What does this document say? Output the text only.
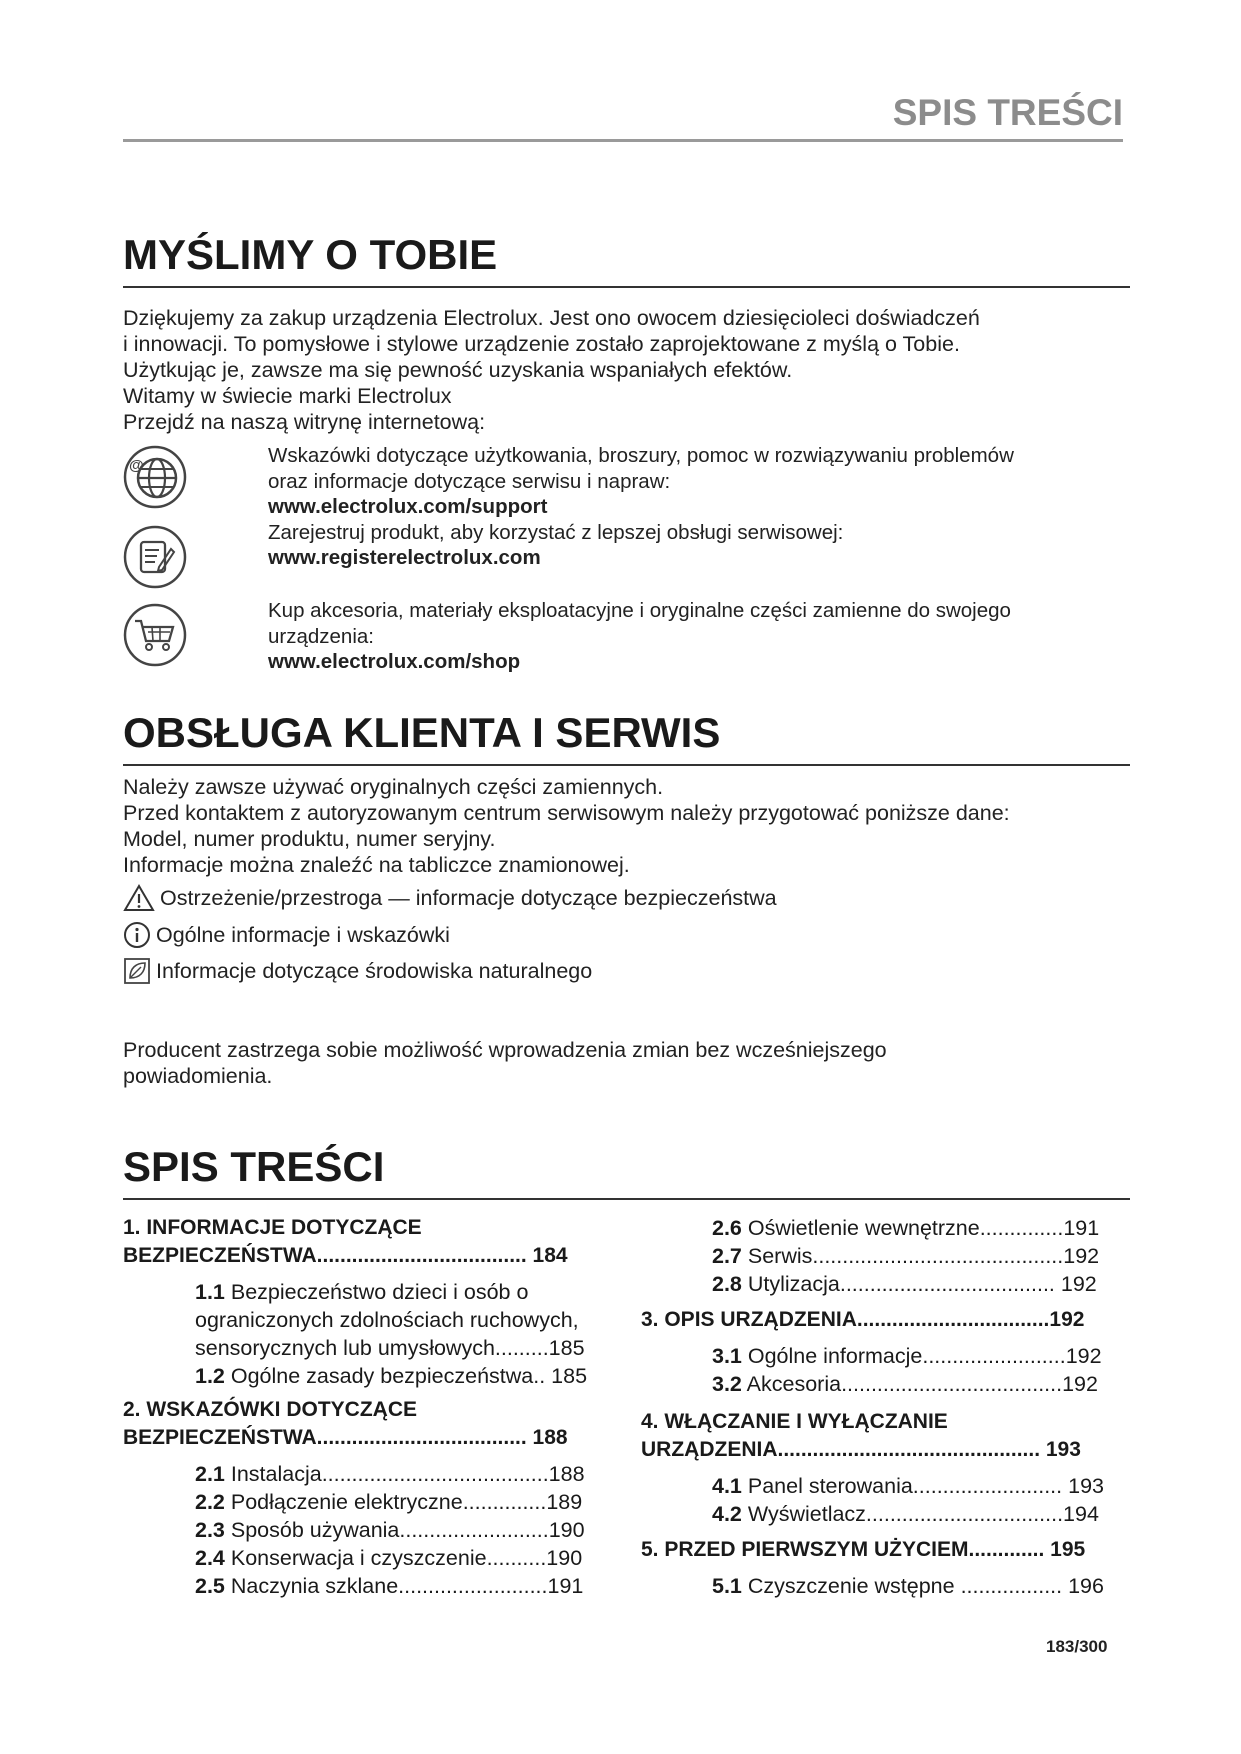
SPIS TREŚCI
MYŚLIMY O TOBIE
Dziękujemy za zakup urządzenia Electrolux. Jest ono owocem dziesięcioleci doświadczeń
i innowacji. To pomysłowe i stylowe urządzenie zostało zaprojektowane z myślą o Tobie.
Użytkując je, zawsze ma się pewność uzyskania wspaniałych efektów.
Witamy w świecie marki Electrolux
Przejdź na naszą witrynę internetową:
@	Wskazówki dotyczące użytkowania, broszury, pomoc w rozwiązywaniu problemów
oraz informacje dotyczące serwisu i napraw:
www.electrolux.com/support
Zarejestruj produkt, aby korzystać z lepszej obsługi serwisowej:
www.registerelectrolux.com
Kup akcesoria, materiały eksploatacyjne i oryginalne części zamienne do swojego
urządzenia:
www.electrolux.com/shop
OBSŁUGA KLIENTA I SERWIS
Należy zawsze używać oryginalnych części zamiennych.
Przed kontaktem z autoryzowanym centrum serwisowym należy przygotować poniższe dane:
Model, numer produktu, numer seryjny.
Informacje można znaleźć na tabliczce znamionowej.
Ostrzeżenie/przestroga — informacje dotyczące bezpieczeństwa
Ogólne informacje i wskazówki
Informacje dotyczące środowiska naturalnego
Producent zastrzega sobie możliwość wprowadzenia zmian bez wcześniejszego
powiadomienia.
SPIS TREŚCI
1. INFORMACJE DOTYCZĄCE
BEZPIECZEŃSTWA.................................... 184
1.1 Bezpieczeństwo dzieci i osób o
ograniczonych zdolnościach ruchowych,
sensorycznych lub umysłowych.........185
1.2 Ogólne zasady bezpieczeństwa.. 185
2. WSKAZÓWKI DOTYCZĄCE
BEZPIECZEŃSTWA.................................... 188
2.1 Instalacja......................................188
2.2 Podłączenie elektryczne..............189
2.3 Sposób używania.........................190
2.4 Konserwacja i czyszczenie..........190
2.5 Naczynia szklane.........................191
2.6 Oświetlenie wewnętrzne..............191
2.7 Serwis..........................................192
2.8 Utylizacja.................................... 192
3. OPIS URZĄDZENIA.................................192
3.1 Ogólne informacje........................192
3.2 Akcesoria.....................................192
4. WŁĄCZANIE I WYŁĄCZANIE
URZĄDZENIA............................................. 193
4.1 Panel sterowania......................... 193
4.2 Wyświetlacz.................................194
5. PRZED PIERWSZYM UŻYCIEM............. 195
5.1 Czyszczenie wstępne ................. 196
183/300
